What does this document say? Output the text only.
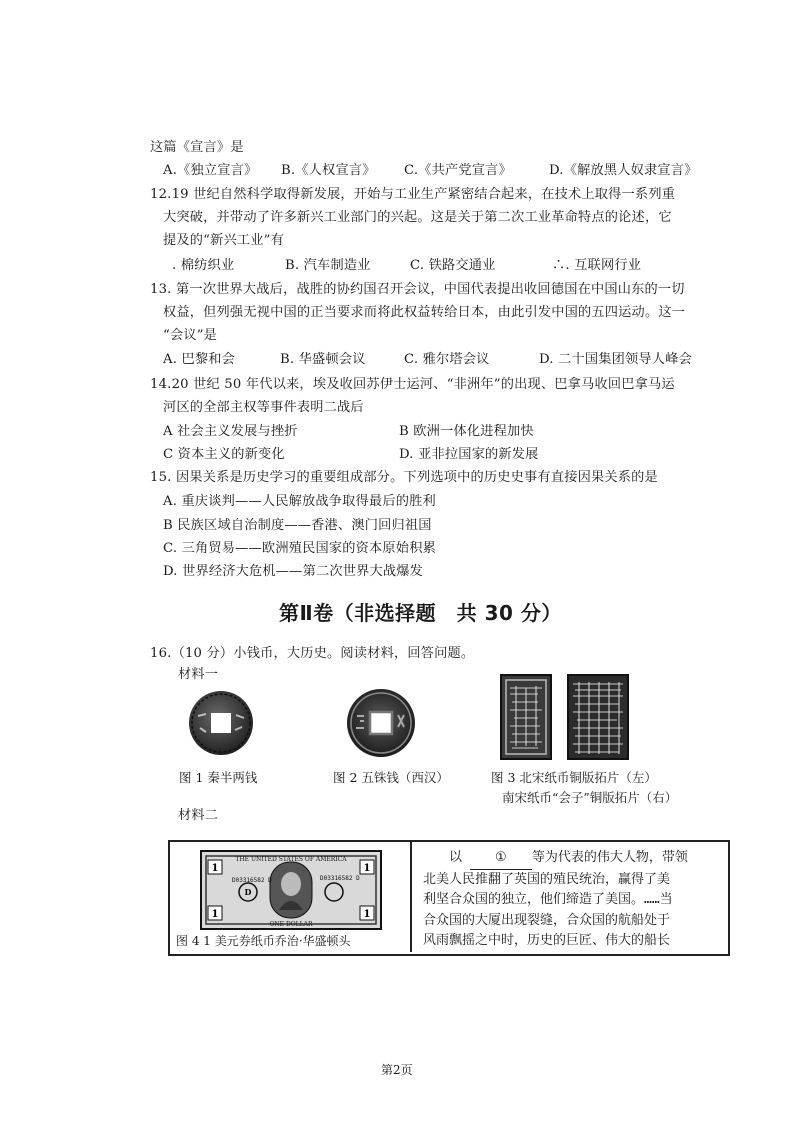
这篇《宣言》是
A.《独立宣言》 B.《人权宣言》 C.《共产党宣言》	D.《解放黑人奴隶宣言》
12.19 世纪自然科学取得新发展，开始与工业生产紧密结合起来，在技术上取得一系列重
大突破，并带动了许多新兴工业部门的兴起。这是关于第二次工业革命特点的论述，它
提及的“新兴工业”有
. 棉纺织业	B. 汽车制造业	C. 铁路交通业	∴. 互联网行业
13. 第一次世界大战后，战胜的协约国召开会议，中国代表提出收回德国在中国山东的一切
权益，但列强无视中国的正当要求而将此权益转给日本，由此引发中国的五四运动。这一
“会议”是
A. 巴黎和会	B. 华盛顿会议	C. 雅尔塔会议	D. 二十国集团领导人峰会
14.20 世纪 50 年代以来，埃及收回苏伊士运河、“非洲年”的出现、巴拿马收回巴拿马运
河区的全部主权等事件表明二战后
A 社会主义发展与挫折	B 欧洲一体化进程加快
C 资本主义的新变化	D. 亚非拉国家的新发展
15. 因果关系是历史学习的重要组成部分。下列选项中的历史史事有直接因果关系的是
A. 重庆谈判——人民解放战争取得最后的胜利
B 民族区域自治制度——香港、澳门回归祖国
C. 三角贸易——欧洲殖民国家的资本原始积累
D. 世界经济大危机——第二次世界大战爆发
第Ⅱ卷（非选择题　共 30 分）
16.（10 分）小钱币，大历史。阅读材料，回答问题。
材料一
图 1 秦半两钱	图 2 五铢钱（西汉）	图 3 北宋纸币铜版拓片（左）
南宋纸币“会子”铜版拓片（右）
材料二
THE UNITED STATES OF AMERICA
D03316582 D	D03316582 D
1	1
1	1
D
ONE DOLLAR
图 4 1 美元券纸币乔治·华盛顿头
以	① 等为代表的伟大人物，带领
北美人民推翻了英国的殖民统治，赢得了美
利坚合众国的独立，他们缔造了美国。……当
合众国的大厦出现裂缝，合众国的航船处于
风雨飘摇之中时，历史的巨匠、伟大的船长
第2页
